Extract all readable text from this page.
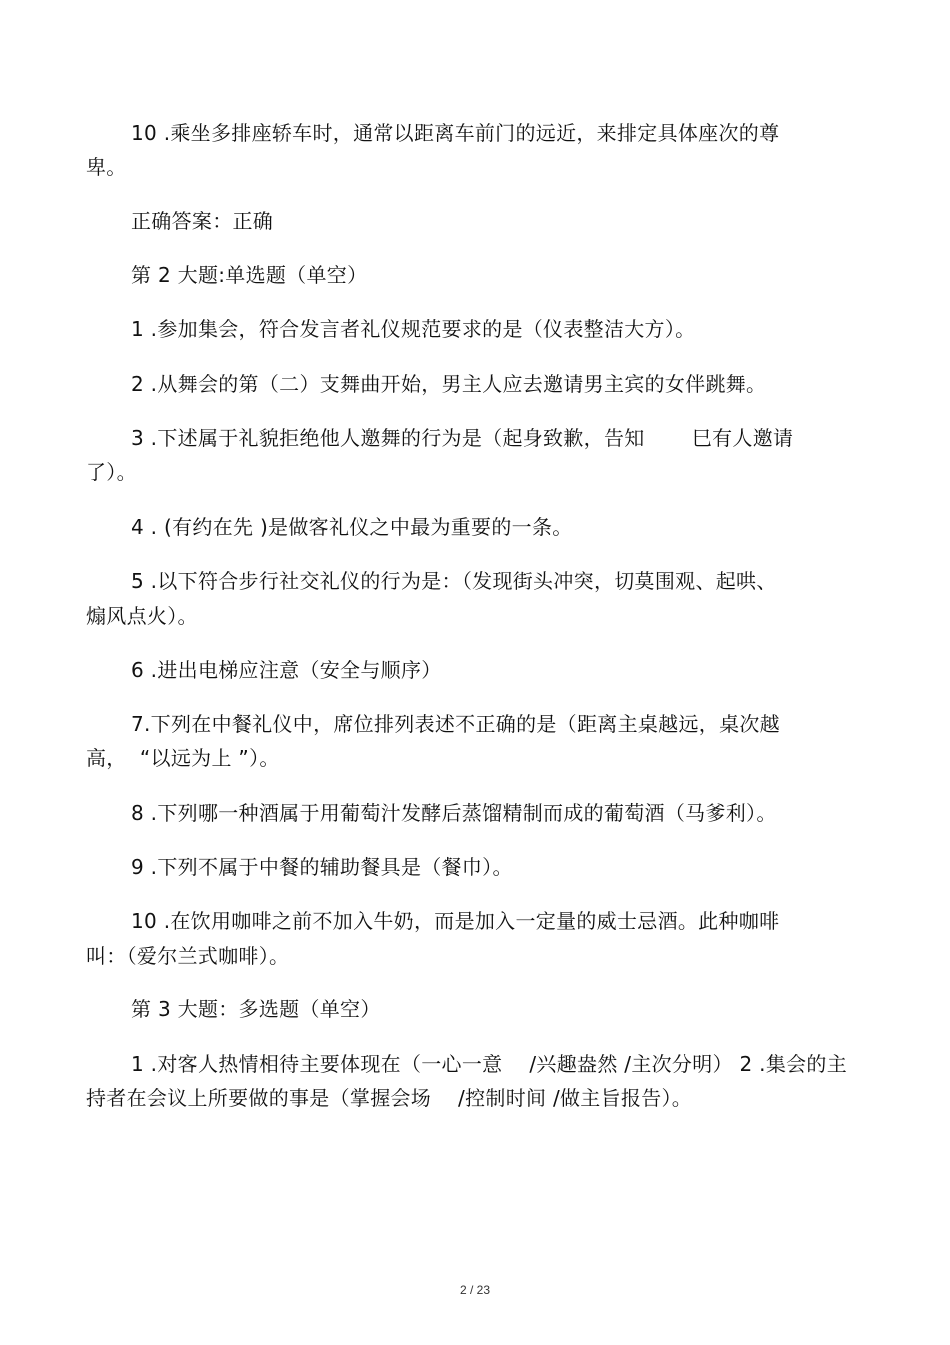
10 .乘坐多排座轿车时，通常以距离车前门的远近，来排定具体座次的尊
卑。
正确答案：正确
第 2 大题:单选题（单空）
1 .参加集会，符合发言者礼仪规范要求的是（仪表整洁大方）。
2 .从舞会的第（二）支舞曲开始，男主人应去邀请男主宾的女伴跳舞。
3 .下述属于礼貌拒绝他人邀舞的行为是（起身致歉，告知 　　巳有人邀请
了）。
4 . (有约在先 )是做客礼仪之中最为重要的一条。
5 .以下符合步行社交礼仪的行为是：（发现街头冲突，切莫围观、起哄、
煽风点火）。
6 .进出电梯应注意（安全与顺序）
7.下列在中餐礼仪中，席位排列表述不正确的是（距离主桌越远，桌次越
高，  “以远为上 ”）。
8 .下列哪一种酒属于用葡萄汁发酵后蒸馏精制而成的葡萄酒（马爹利）。
9 .下列不属于中餐的辅助餐具是（餐巾）。
10 .在饮用咖啡之前不加入牛奶，而是加入一定量的威士忌酒。此种咖啡
叫：（爱尔兰式咖啡）。
第 3 大题：多选题（单空）
1 .对客人热情相待主要体现在（一心一意 　/兴趣盎然 /主次分明） 2 .集会的主
持者在会议上所要做的事是（掌握会场 　/控制时间 /做主旨报告）。
2 / 23
